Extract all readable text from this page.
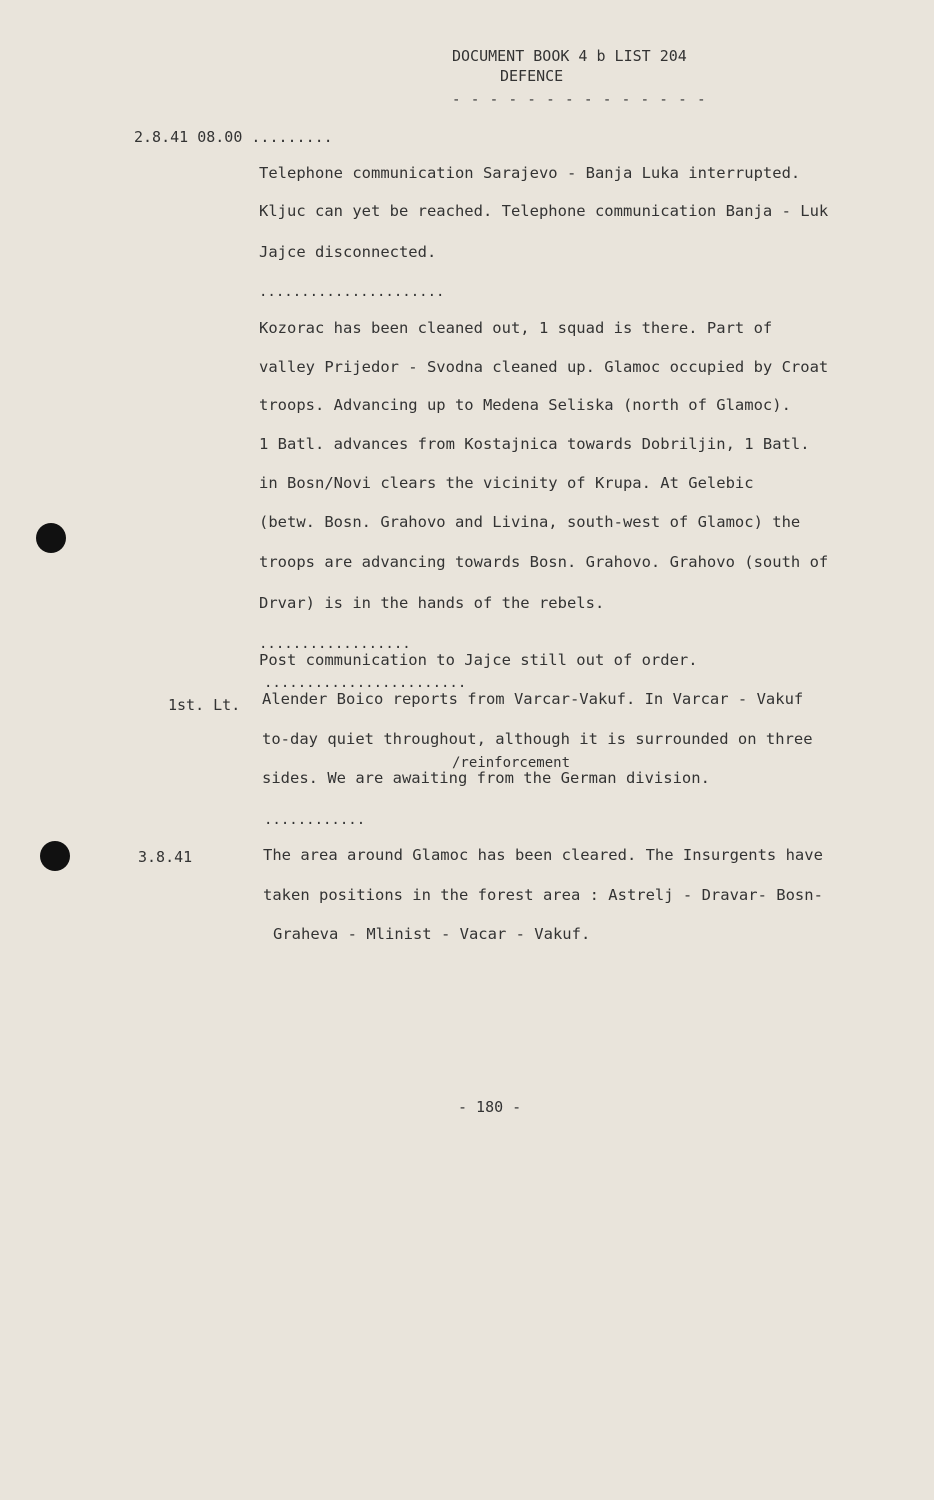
DOCUMENT BOOK 4 b LIST 204
DEFENCE
- - - - - - - - - - - - - -
2.8.41 08.00 .........
Telephone communication Sarajevo - Banja Luka interrupted.
Kljuc can yet be reached. Telephone communication Banja - Luk
Jajce disconnected.
......................
Kozorac has been cleaned out, 1 squad is there. Part of
valley Prijedor - Svodna cleaned up. Glamoc occupied by Croat
troops. Advancing up to Medena Seliska (north of Glamoc).
1 Batl. advances from Kostajnica towards Dobriljin, 1 Batl.
in Bosn/Novi clears the vicinity of Krupa. At Gelebic
(betw. Bosn. Grahovo and Livina, south-west of Glamoc) the
troops are advancing towards Bosn. Grahovo. Grahovo (south of
Drvar) is in the hands of the rebels.
..................
Post communication to Jajce still out of order.
........................
1st. Lt. Alender Boico reports from Varcar-Vakuf. In Varcar - Vakuf
to-day quiet throughout, although it is surrounded on three
/reinforcement
sides. We are awaiting from the German division.
............
3.8.41	The area around Glamoc has been cleared. The Insurgents have
taken positions in the forest area : Astrelj - Dravar- Bosn-
Graheva - Mlinist - Vacar - Vakuf.
- 180 -
